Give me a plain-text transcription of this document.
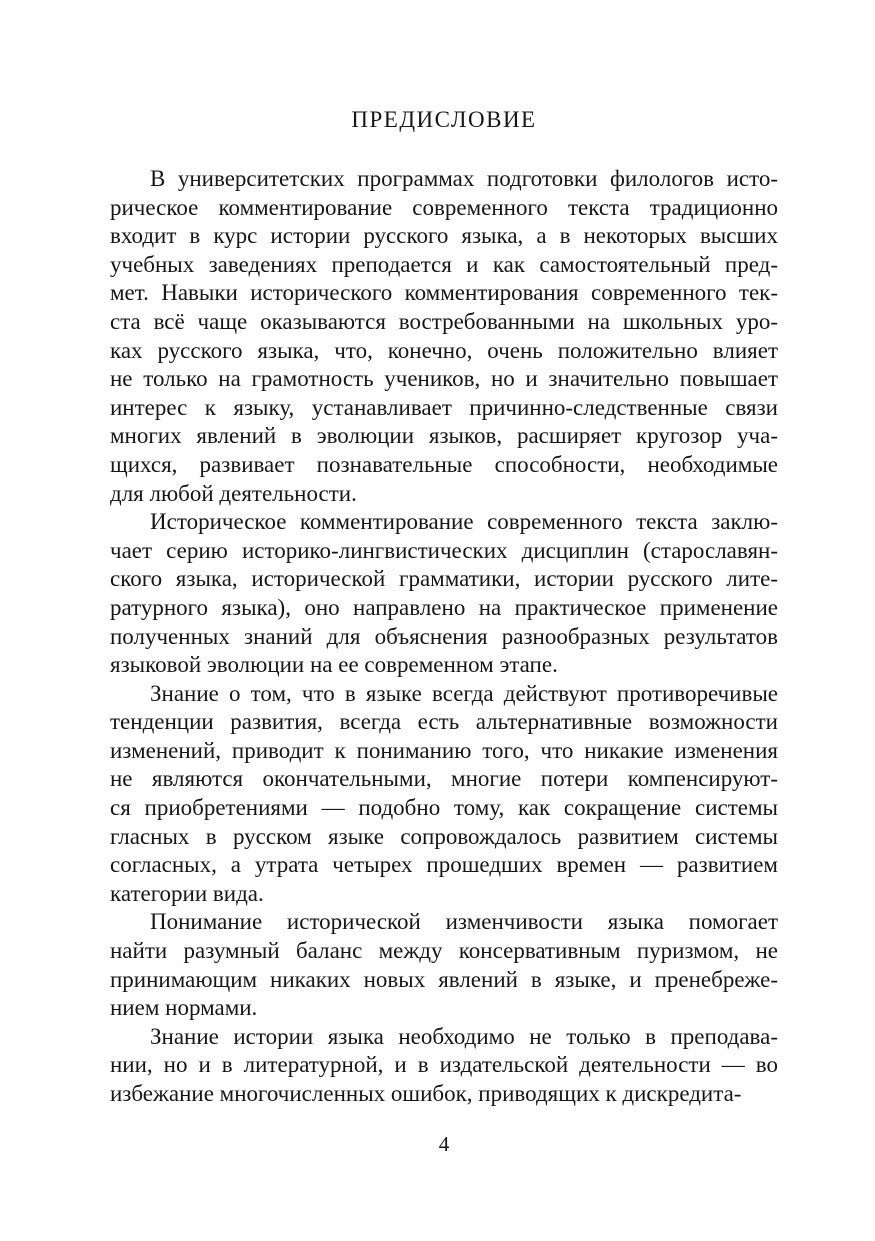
ПРЕДИСЛОВИЕ
В университетских программах подготовки филологов исто-
рическое комментирование современного текста традиционно
входит в курс истории русского языка, а в некоторых высших
учебных заведениях преподается и как самостоятельный пред-
мет. Навыки исторического комментирования современного тек-
ста всё чаще оказываются востребованными на школьных уро-
ках русского языка, что, конечно, очень положительно влияет
не только на грамотность учеников, но и значительно повышает
интерес к языку, устанавливает причинно-следственные связи
многих явлений в эволюции языков, расширяет кругозор уча-
щихся, развивает познавательные способности, необходимые
для любой деятельности.
Историческое комментирование современного текста заклю-
чает серию историко-лингвистических дисциплин (старославян-
ского языка, исторической грамматики, истории русского лите-
ратурного языка), оно направлено на практическое применение
полученных знаний для объяснения разнообразных результатов
языковой эволюции на ее современном этапе.
Знание о том, что в языке всегда действуют противоречивые
тенденции развития, всегда есть альтернативные возможности
изменений, приводит к пониманию того, что никакие изменения
не являются окончательными, многие потери компенсируют-
ся приобретениями — подобно тому, как сокращение системы
гласных в русском языке сопровождалось развитием системы
согласных, а утрата четырех прошедших времен — развитием
категории вида.
Понимание исторической изменчивости языка помогает
найти разумный баланс между консервативным пуризмом, не
принимающим никаких новых явлений в языке, и пренебреже-
нием нормами.
Знание истории языка необходимо не только в преподава-
нии, но и в литературной, и в издательской деятельности — во
избежание многочисленных ошибок, приводящих к дискредита-
4
